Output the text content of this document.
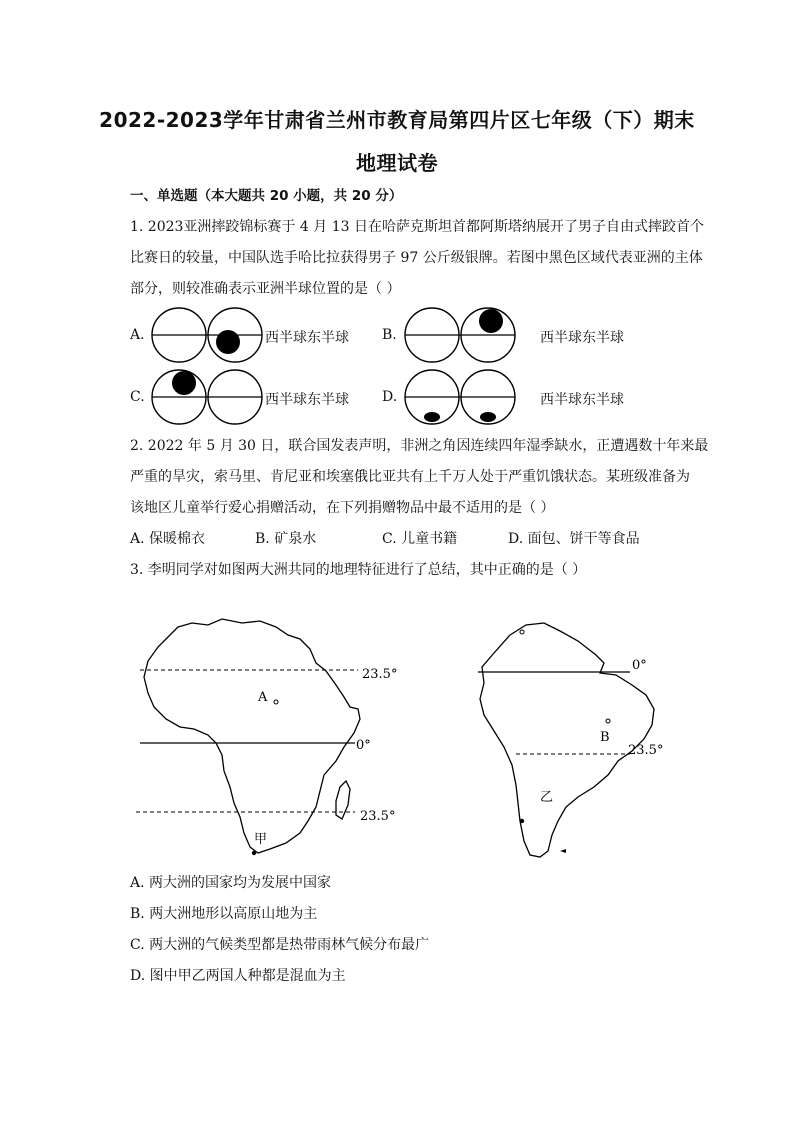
2022-2023学年甘肃省兰州市教育局第四片区七年级（下）期末
地理试卷
一、单选题（本大题共 20 小题，共 20 分）
1. 2023亚洲摔跤锦标赛于 4 月 13 日在哈萨克斯坦首都阿斯塔纳展开了男子自由式摔跤首个
比赛日的较量，中国队选手哈比拉获得男子 97 公斤级银牌。若图中黑色区域代表亚洲的主体
部分，则较准确表示亚洲半球位置的是（ ）
A.	西半球东半球 B.	西半球东半球
C.	西半球东半球 D.	西半球东半球
2. 2022 年 5 月 30 日，联合国发表声明，非洲之角因连续四年湿季缺水，正遭遇数十年来最
严重的旱灾，索马里、肯尼亚和埃塞俄比亚共有上千万人处于严重饥饿状态。某班级准备为
该地区儿童举行爱心捐赠活动，在下列捐赠物品中最不适用的是（ ）
A. 保暖棉衣	B. 矿泉水	C. 儿童书籍	D. 面包、饼干等食品
3. 李明同学对如图两大洲共同的地理特征进行了总结，其中正确的是（ ）
23.5°
0°
23.5°
A
甲
0°
23.5°
B
乙
A. 两大洲的国家均为发展中国家
B. 两大洲地形以高原山地为主
C. 两大洲的气候类型都是热带雨林气候分布最广
D. 图中甲乙两国人种都是混血为主
